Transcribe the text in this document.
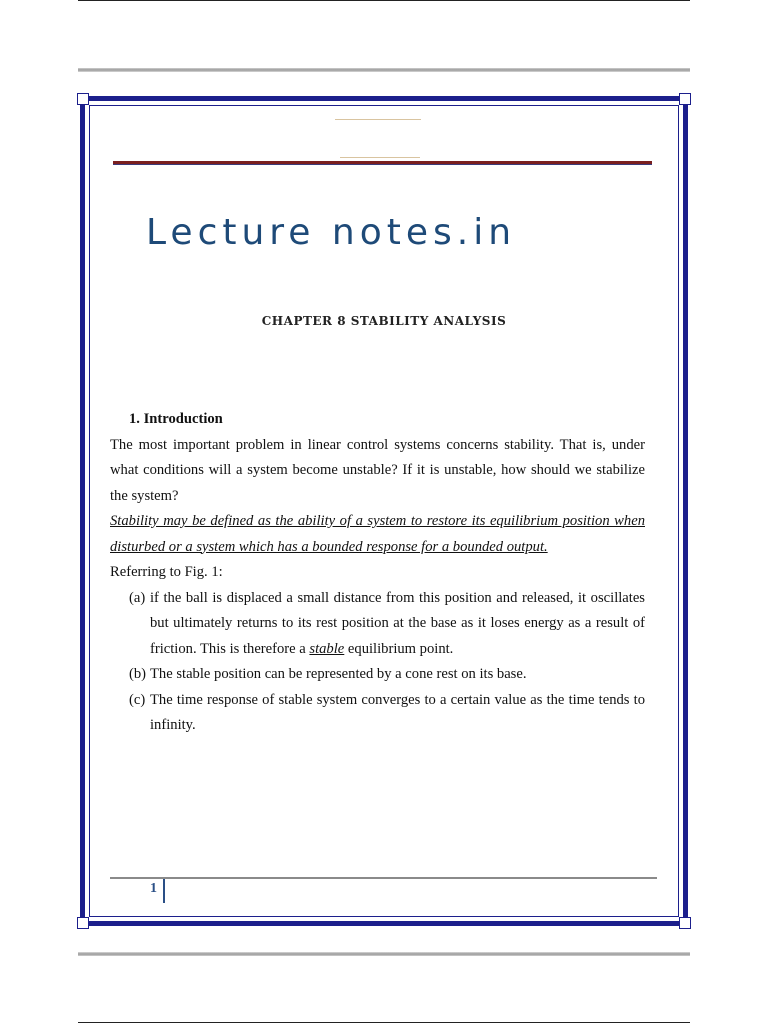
Lecture notes.in
CHAPTER 8 STABILITY ANALYSIS

1. Introduction

The most important problem in linear control systems concerns stability. That is, under what conditions will a system become unstable? If it is unstable, how should we stabilize the system?

Stability may be defined as the ability of a system to restore its equilibrium position when disturbed or a system which has a bounded response for a bounded output.

Referring to Fig. 1:

(a) if the ball is displaced a small distance from this position and released, it oscillates but ultimately returns to its rest position at the base as it loses energy as a result of friction. This is therefore a stable equilibrium point.
(b) The stable position can be represented by a cone rest on its base.
(c) The time response of stable system converges to a certain value as the time tends to infinity.
1
